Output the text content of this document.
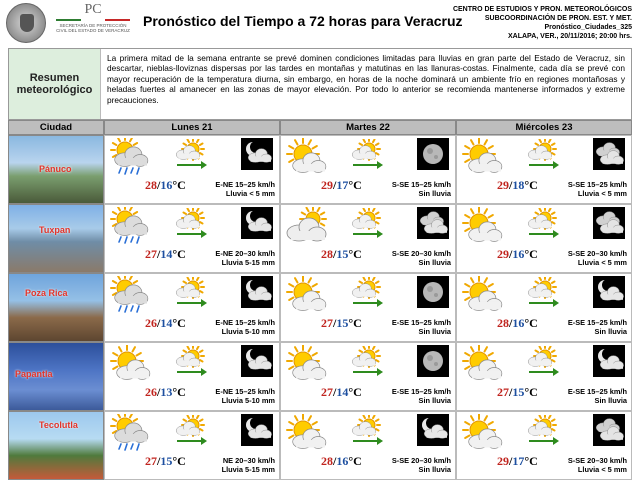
PC
SECRETARÍA DE PROTECCIÓN CIVIL DEL ESTADO DE VERACRUZ
Pronóstico del Tiempo a 72 horas para Veracruz
CENTRO DE ESTUDIOS Y PRON. METEOROLÓGICOS
SUBCOORDINACIÓN DE PRON. EST. Y MET.
Pronóstico_Ciudades_325
XALAPA, VER., 20/11/2016; 20:00 hrs.
Resumen meteorológico
La primera mitad de la semana entrante se prevé dominen condiciones limitadas para lluvias en gran parte del Estado de Veracruz, sin descartar, nieblas-lloviznas dispersas por las tardes en montañas y matutinas en las llanuras-costas. Finalmente, cada día se prevé con mayor recuperación de la temperatura diurna, sin embargo, en horas de la noche dominará un ambiente frío en regiones montañosas y heladas fuertes al amanecer en las zonas de mayor elevación. Por todo lo anterior se recomienda mantenerse informados y extreme precauciones.
Ciudad	Lunes 21	Martes 22	Miércoles 23
Pánuco
28/16°C	E-NE 15–25 km/h
Lluvia < 5 mm
29/17°C	S-SE 15–25 km/h
Sin lluvia
29/18°C	S-SE 15–25 km/h
Lluvia < 5 mm
Tuxpan
27/14°C	E-NE 20–30 km/h
Lluvia 5-15 mm
28/15°C	S-SE 20–30 km/h
Sin lluvia
29/16°C	S-SE 20–30 km/h
Lluvia < 5 mm
Poza Rica
26/14°C	E-NE 15–25 km/h
Lluvia 5-10 mm
27/15°C	E-SE 15–25 km/h
Sin lluvia
28/16°C	E-SE 15–25 km/h
Sin lluvia
Papantla
26/13°C	E-NE 15–25 km/h
Lluvia 5-10 mm
27/14°C	E-SE 15–25 km/h
Sin lluvia
27/15°C	E-SE 15–25 km/h
Sin lluvia
Tecolutla
27/15°C	NE 20–30 km/h
Lluvia 5-15 mm
28/16°C	S-SE 20–30 km/h
Sin lluvia
29/17°C	S-SE 20–30 km/h
Lluvia < 5 mm
